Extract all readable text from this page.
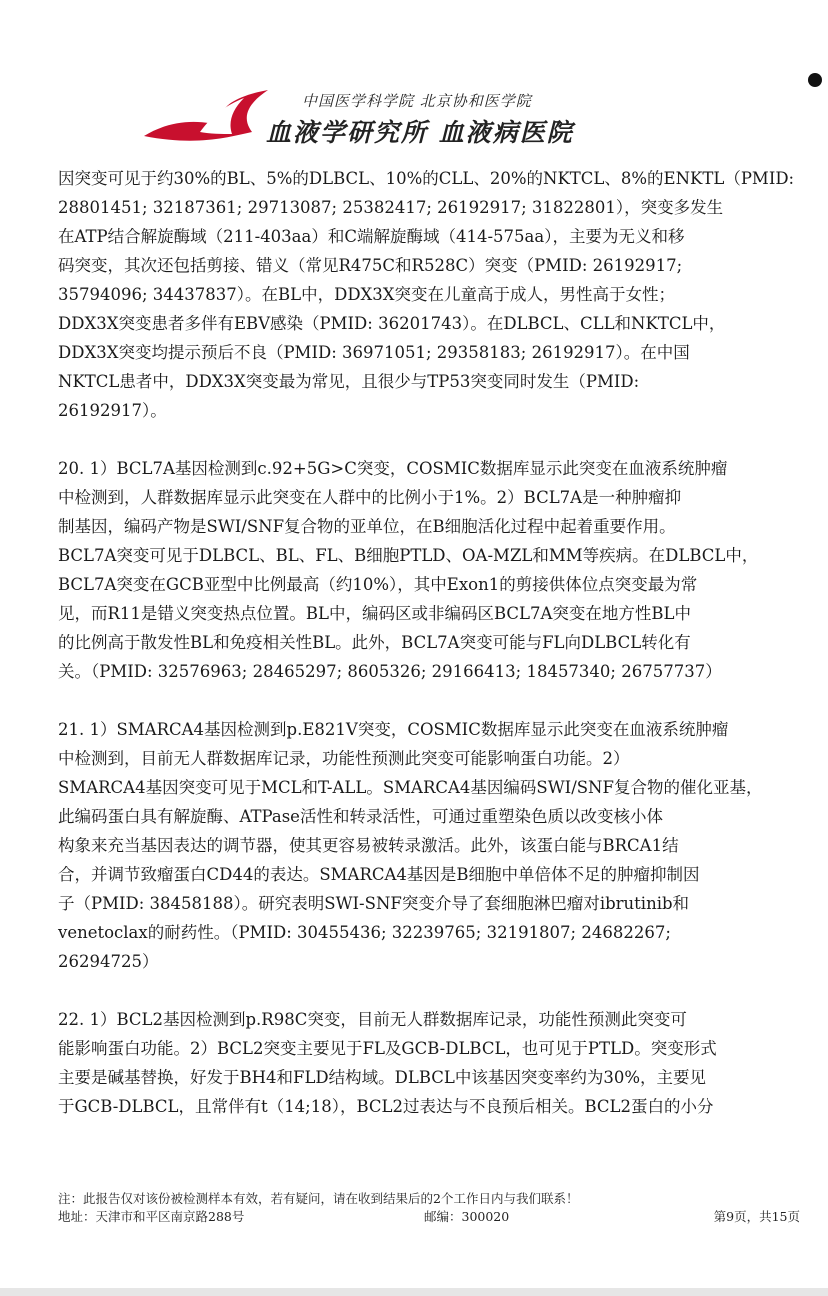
中国医学科学院 北京协和医学院
血液学研究所 血液病医院
因突变可见于约30%的BL、5%的DLBCL、10%的CLL、20%的NKTCL、8%的ENKTL（PMID:
28801451; 32187361; 29713087; 25382417; 26192917; 31822801），突变多发生
在ATP结合解旋酶域（211-403aa）和C端解旋酶域（414-575aa），主要为无义和移
码突变，其次还包括剪接、错义（常见R475C和R528C）突变（PMID: 26192917;
35794096; 34437837）。在BL中，DDX3X突变在儿童高于成人，男性高于女性；
DDX3X突变患者多伴有EBV感染（PMID: 36201743）。在DLBCL、CLL和NKTCL中，
DDX3X突变均提示预后不良（PMID: 36971051; 29358183; 26192917）。在中国
NKTCL患者中，DDX3X突变最为常见，且很少与TP53突变同时发生（PMID:
26192917）。
20. 1）BCL7A基因检测到c.92+5G>C突变，COSMIC数据库显示此突变在血液系统肿瘤
中检测到，人群数据库显示此突变在人群中的比例小于1%。2）BCL7A是一种肿瘤抑
制基因，编码产物是SWI/SNF复合物的亚单位，在B细胞活化过程中起着重要作用。
BCL7A突变可见于DLBCL、BL、FL、B细胞PTLD、OA-MZL和MM等疾病。在DLBCL中，
BCL7A突变在GCB亚型中比例最高（约10%），其中Exon1的剪接供体位点突变最为常
见，而R11是错义突变热点位置。BL中，编码区或非编码区BCL7A突变在地方性BL中
的比例高于散发性BL和免疫相关性BL。此外，BCL7A突变可能与FL向DLBCL转化有
关。（PMID: 32576963; 28465297; 8605326; 29166413; 18457340; 26757737）
21. 1）SMARCA4基因检测到p.E821V突变，COSMIC数据库显示此突变在血液系统肿瘤
中检测到，目前无人群数据库记录，功能性预测此突变可能影响蛋白功能。2）
SMARCA4基因突变可见于MCL和T-ALL。SMARCA4基因编码SWI/SNF复合物的催化亚基，
此编码蛋白具有解旋酶、ATPase活性和转录活性，可通过重塑染色质以改变核小体
构象来充当基因表达的调节器，使其更容易被转录激活。此外，该蛋白能与BRCA1结
合，并调节致瘤蛋白CD44的表达。SMARCA4基因是B细胞中单倍体不足的肿瘤抑制因
子（PMID: 38458188）。研究表明SWI-SNF突变介导了套细胞淋巴瘤对ibrutinib和
venetoclax的耐药性。（PMID: 30455436; 32239765; 32191807; 24682267;
26294725）
22. 1）BCL2基因检测到p.R98C突变，目前无人群数据库记录，功能性预测此突变可
能影响蛋白功能。2）BCL2突变主要见于FL及GCB-DLBCL，也可见于PTLD。突变形式
主要是碱基替换，好发于BH4和FLD结构域。DLBCL中该基因突变率约为30%，主要见
于GCB-DLBCL，且常伴有t（14;18），BCL2过表达与不良预后相关。BCL2蛋白的小分
注：此报告仅对该份被检测样本有效，若有疑问，请在收到结果后的2个工作日内与我们联系！
地址：天津市和平区南京路288号	邮编：300020	第9页，共15页
